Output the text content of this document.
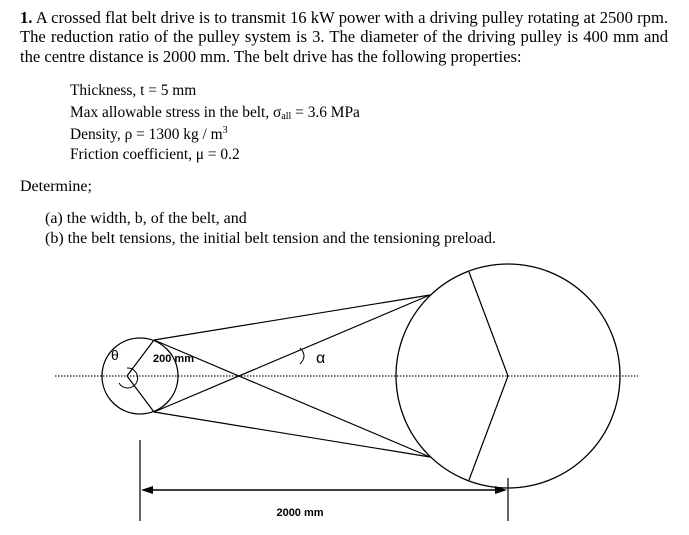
1. A crossed flat belt drive is to transmit 16 kW power with a driving pulley rotating at 2500 rpm. The reduction ratio of the pulley system is 3. The diameter of the driving pulley is 400 mm and the centre distance is 2000 mm. The belt drive has the following properties:
Thickness, t = 5 mm
Max allowable stress in the belt, $\sigma_{all} = 3.6$ MPa
Density, ρ = 1300 kg / $m^3$
Friction coefficient, μ = 0.2
Determine;
(a) the width, b, of the belt, and
(b) the belt tensions, the initial belt tension and the tensioning preload.
θ	α
200 mm
2000 mm
